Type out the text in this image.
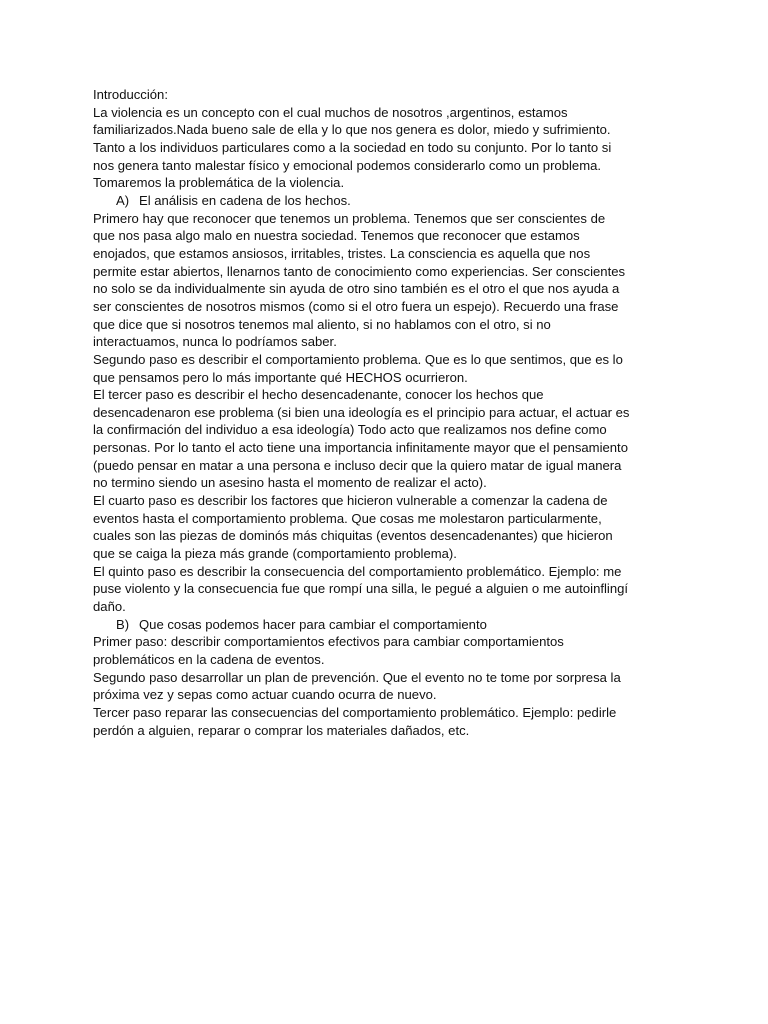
Introducción:

La violencia es un concepto con el cual muchos de nosotros ,argentinos, estamos

familiarizados.Nada bueno sale de ella y lo que nos genera es dolor, miedo y sufrimiento.

Tanto a los individuos particulares como a la sociedad en todo su conjunto. Por lo tanto si

nos genera tanto malestar físico y emocional podemos considerarlo como un problema.

Tomaremos la problemática de la violencia.

A) El análisis en cadena de los hechos.

Primero hay que reconocer que tenemos un problema. Tenemos que ser conscientes de

que nos pasa algo malo en nuestra sociedad. Tenemos que reconocer que estamos

enojados, que estamos ansiosos, irritables, tristes. La consciencia es aquella que nos

permite estar abiertos, llenarnos tanto de conocimiento como experiencias. Ser conscientes

no solo se da individualmente sin ayuda de otro sino también es el otro el que nos ayuda a

ser conscientes de nosotros mismos (como si el otro fuera un espejo). Recuerdo una frase

que dice que si nosotros tenemos mal aliento, si no hablamos con el otro, si no

interactuamos, nunca lo podríamos saber.

Segundo paso es describir el comportamiento problema. Que es lo que sentimos, que es lo

que pensamos pero lo más importante qué HECHOS ocurrieron.

El tercer paso es describir el hecho desencadenante, conocer los hechos que

desencadenaron ese problema (si bien una ideología es el principio para actuar, el actuar es

la confirmación del individuo a esa ideología) Todo acto que realizamos nos define como

personas. Por lo tanto el acto tiene una importancia infinitamente mayor que el pensamiento

(puedo pensar en matar a una persona e incluso decir que la quiero matar de igual manera

no termino siendo un asesino hasta el momento de realizar el acto).

El cuarto paso es describir los factores que hicieron vulnerable a comenzar la cadena de

eventos hasta el comportamiento problema. Que cosas me molestaron particularmente,

cuales son las piezas de dominós más chiquitas (eventos desencadenantes) que hicieron

que se caiga la pieza más grande (comportamiento problema).

El quinto paso es describir la consecuencia del comportamiento problemático. Ejemplo: me

puse violento y la consecuencia fue que rompí una silla, le pegué a alguien o me autoinflingí

daño.

B) Que cosas podemos hacer para cambiar el comportamiento

Primer paso: describir comportamientos efectivos para cambiar comportamientos

problemáticos en la cadena de eventos.

Segundo paso desarrollar un plan de prevención. Que el evento no te tome por sorpresa la

próxima vez y sepas como actuar cuando ocurra de nuevo.

Tercer paso reparar las consecuencias del comportamiento problemático. Ejemplo: pedirle

perdón a alguien, reparar o comprar los materiales dañados, etc.
